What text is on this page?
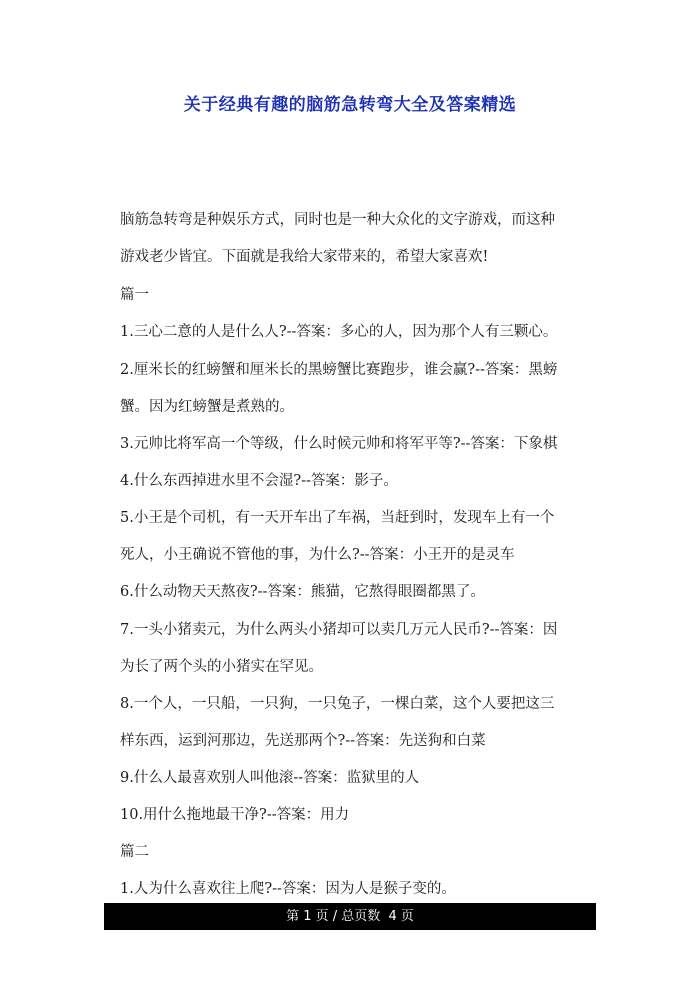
关于经典有趣的脑筋急转弯大全及答案精选
脑筋急转弯是种娱乐方式，同时也是一种大众化的文字游戏，而这种
游戏老少皆宜。下面就是我给大家带来的，希望大家喜欢!
篇一
1.三心二意的人是什么人?--答案：多心的人，因为那个人有三颗心。
2.厘米长的红螃蟹和厘米长的黑螃蟹比赛跑步，谁会赢?--答案：黑螃
蟹。因为红螃蟹是煮熟的。
3.元帅比将军高一个等级，什么时候元帅和将军平等?--答案：下象棋
4.什么东西掉进水里不会湿?--答案：影子。
5.小王是个司机，有一天开车出了车祸，当赶到时，发现车上有一个
死人，小王确说不管他的事，为什么?--答案：小王开的是灵车
6.什么动物天天熬夜?--答案：熊猫，它熬得眼圈都黑了。
7.一头小猪卖元，为什么两头小猪却可以卖几万元人民币?--答案：因
为长了两个头的小猪实在罕见。
8.一个人，一只船，一只狗，一只兔子，一棵白菜，这个人要把这三
样东西，运到河那边，先送那两个?--答案：先送狗和白菜
9.什么人最喜欢别人叫他滚--答案：监狱里的人
10.用什么拖地最干净?--答案：用力
篇二
1.人为什么喜欢往上爬?--答案：因为人是猴子变的。
第 1 页 / 总页数  4 页
